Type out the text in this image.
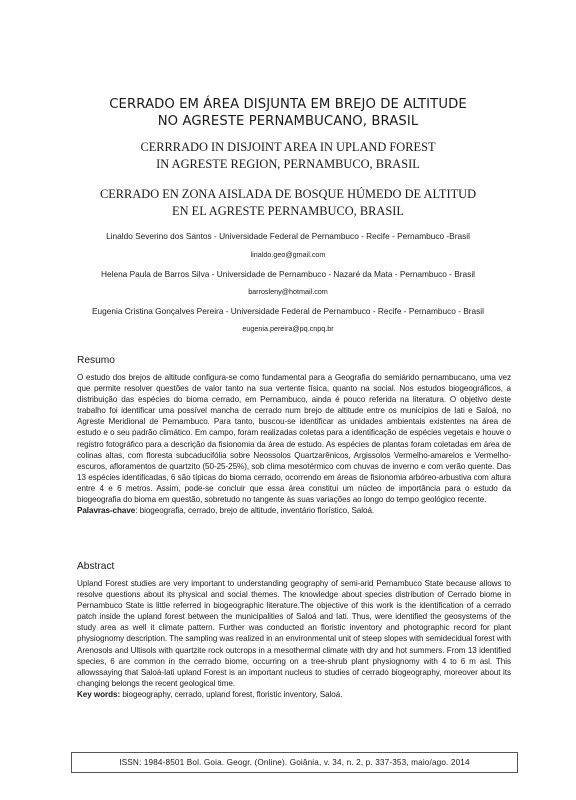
CERRADO EM ÁREA DISJUNTA EM BREJO DE ALTITUDE
NO AGRESTE PERNAMBUCANO, BRASIL
CERRRADO IN DISJOINT AREA IN UPLAND FOREST
IN AGRESTE REGION, PERNAMBUCO, BRASIL
CERRADO EN ZONA AISLADA DE BOSQUE HÚMEDO DE ALTITUD
EN EL AGRESTE PERNAMBUCO, BRASIL
Linaldo Severino dos Santos - Universidade Federal de Pernambuco - Recife - Pernambuco -Brasil
linaldo.geo@gmail.com
Helena Paula de Barros Silva - Universidade de Pernambuco - Nazaré da Mata - Pernambuco - Brasil
barrosleny@hotmail.com
Eugenia Cristina Gonçalves Pereira - Universidade Federal de Pernambuco - Recife - Pernambuco - Brasil
eugenia.pereira@pq.cnpq.br
Resumo
O estudo dos brejos de altitude configura-se como fundamental para a Geografia do semiárido pernambucano, uma vez que permite resolver questões de valor tanto na sua vertente física, quanto na social. Nos estudos biogeográficos, a distribuição das espécies do bioma cerrado, em Pernambuco, ainda é pouco referida na literatura. O objetivo deste trabalho foi identificar uma possível mancha de cerrado num brejo de altitude entre os municípios de Iati e Saloá, no Agreste Meridional de Pernambuco. Para tanto, buscou-se identificar as unidades ambientais existentes na área de estudo e o seu padrão climático. Em campo, foram realizadas coletas para a identificação de espécies vegetais e houve o registro fotográfico para a descrição da fisionomia da área de estudo. As espécies de plantas foram coletadas em área de colinas altas, com floresta subcaducifólia sobre Neossolos Quartzarênicos, Argissolos Vermelho-amarelos e Vermelho-escuros, afloramentos de quartzito (50-25-25%), sob clima mesotérmico com chuvas de inverno e com verão quente. Das 13 espécies identificadas, 6 são típicas do bioma cerrado, ocorrendo em áreas de fisionomia arbóreo-arbustiva com altura entre 4 e 6 metros. Assim, pode-se concluir que essa área constitui um núcleo de importância para o estudo da biogeografia do bioma em questão, sobretudo no tangente às suas variações ao longo do tempo geológico recente.
Palavras-chave: biogeografia, cerrado, brejo de altitude, inventário florístico, Saloá.
Abstract
Upland Forest studies are very important to understanding geography of semi-arid Pernambuco State because allows to resolve questions about its physical and social themes. The knowledge about species distribution of Cerrado biome in Pernambuco State is little referred in biogeographic literature.The objective of this work is the identification of a cerrado patch inside the upland forest between the municipalities of Saloá and Iati. Thus, were identified the geosystems of the study area as well it climate pattern. Further was conducted an floristic inventory and photographic record for plant physiognomy description. The sampling was realized in an environmental unit of steep slopes with semidecidual forest with Arenosols and Ultisols with quartzite rock outcrops in a mesothermal climate with dry and hot summers. From 13 identified species, 6 are common in the cerrado biome, occurring on a tree-shrub plant physiognomy with 4 to 6 m asl. This allowssaying that Saloá-Iati upland Forest is an important nucleus to studies of cerrado biogeography, moreover about its changing belongs the recent geological time.
Key words: biogeography, cerrado, upland forest, floristic inventory, Saloá.
ISSN: 1984-8501 Bol. Goia. Geogr. (Online). Goiânia, v. 34, n. 2, p. 337-353, maio/ago. 2014
